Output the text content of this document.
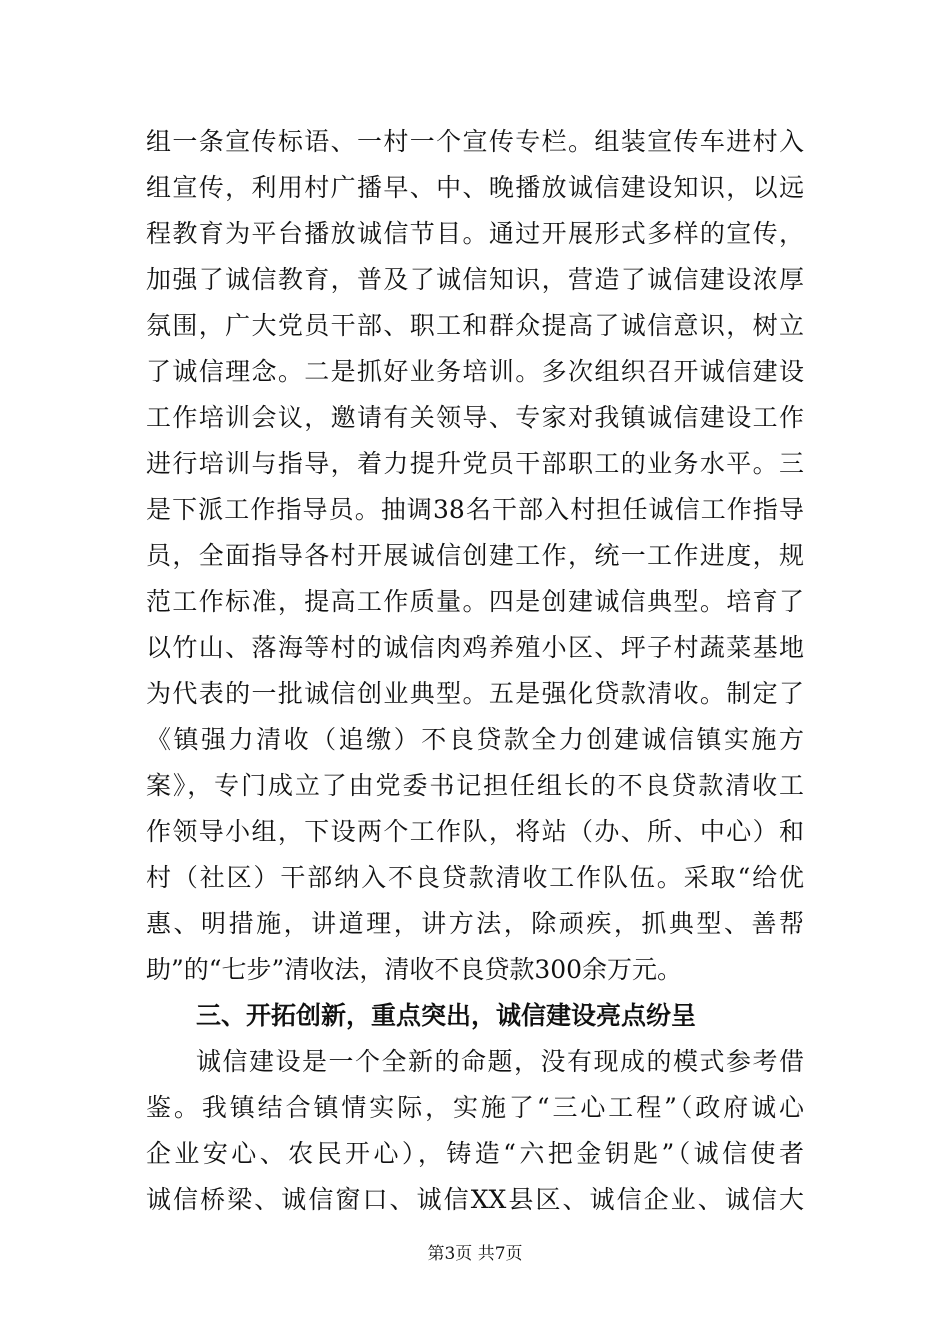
组一条宣传标语、一村一个宣传专栏。组装宣传车进村入
组宣传，利用村广播早、中、晚播放诚信建设知识，以远
程教育为平台播放诚信节目。通过开展形式多样的宣传，
加强了诚信教育，普及了诚信知识，营造了诚信建设浓厚
氛围，广大党员干部、职工和群众提高了诚信意识，树立
了诚信理念。二是抓好业务培训。多次组织召开诚信建设
工作培训会议，邀请有关领导、专家对我镇诚信建设工作
进行培训与指导，着力提升党员干部职工的业务水平。三
是下派工作指导员。抽调38名干部入村担任诚信工作指导
员，全面指导各村开展诚信创建工作，统一工作进度，规
范工作标准，提高工作质量。四是创建诚信典型。培育了
以竹山、落海等村的诚信肉鸡养殖小区、坪子村蔬菜基地
为代表的一批诚信创业典型。五是强化贷款清收。制定了
《镇强力清收（追缴）不良贷款全力创建诚信镇实施方
案》，专门成立了由党委书记担任组长的不良贷款清收工
作领导小组，下设两个工作队，将站（办、所、中心）和
村（社区）干部纳入不良贷款清收工作队伍。采取“给优
惠、明措施，讲道理，讲方法，除顽疾，抓典型、善帮
助”的“七步”清收法，清收不良贷款300余万元。
三、开拓创新，重点突出，诚信建设亮点纷呈
诚信建设是一个全新的命题，没有现成的模式参考借
鉴。我镇结合镇情实际，实施了“三心工程”（政府诚心
企业安心、农民开心），铸造“六把金钥匙”（诚信使者
诚信桥梁、诚信窗口、诚信XX县区、诚信企业、诚信大
第3页 共7页
